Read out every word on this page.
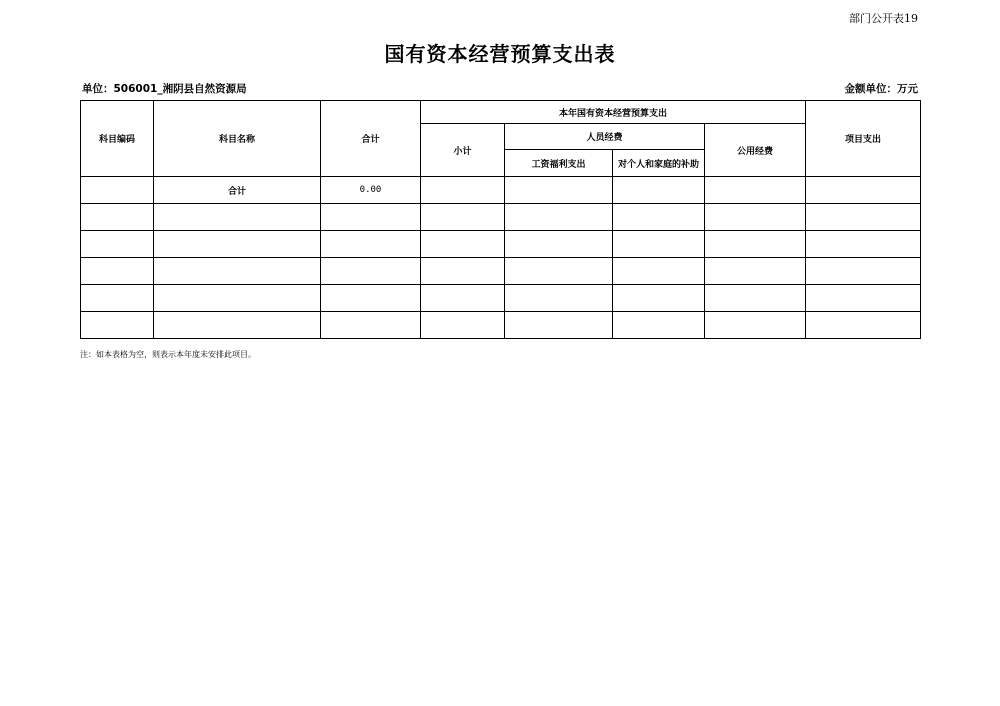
部门公开表19
国有资本经营预算支出表
单位：506001_湘阴县自然资源局	金额单位：万元
科目编码	科目名称	合计	本年国有资本经营预算支出				项目支出
			小计	人员经费		公用经费	
				工资福利支出	对个人和家庭的补助		
	合计	0.00					

注：如本表格为空，则表示本年度未安排此项目。
